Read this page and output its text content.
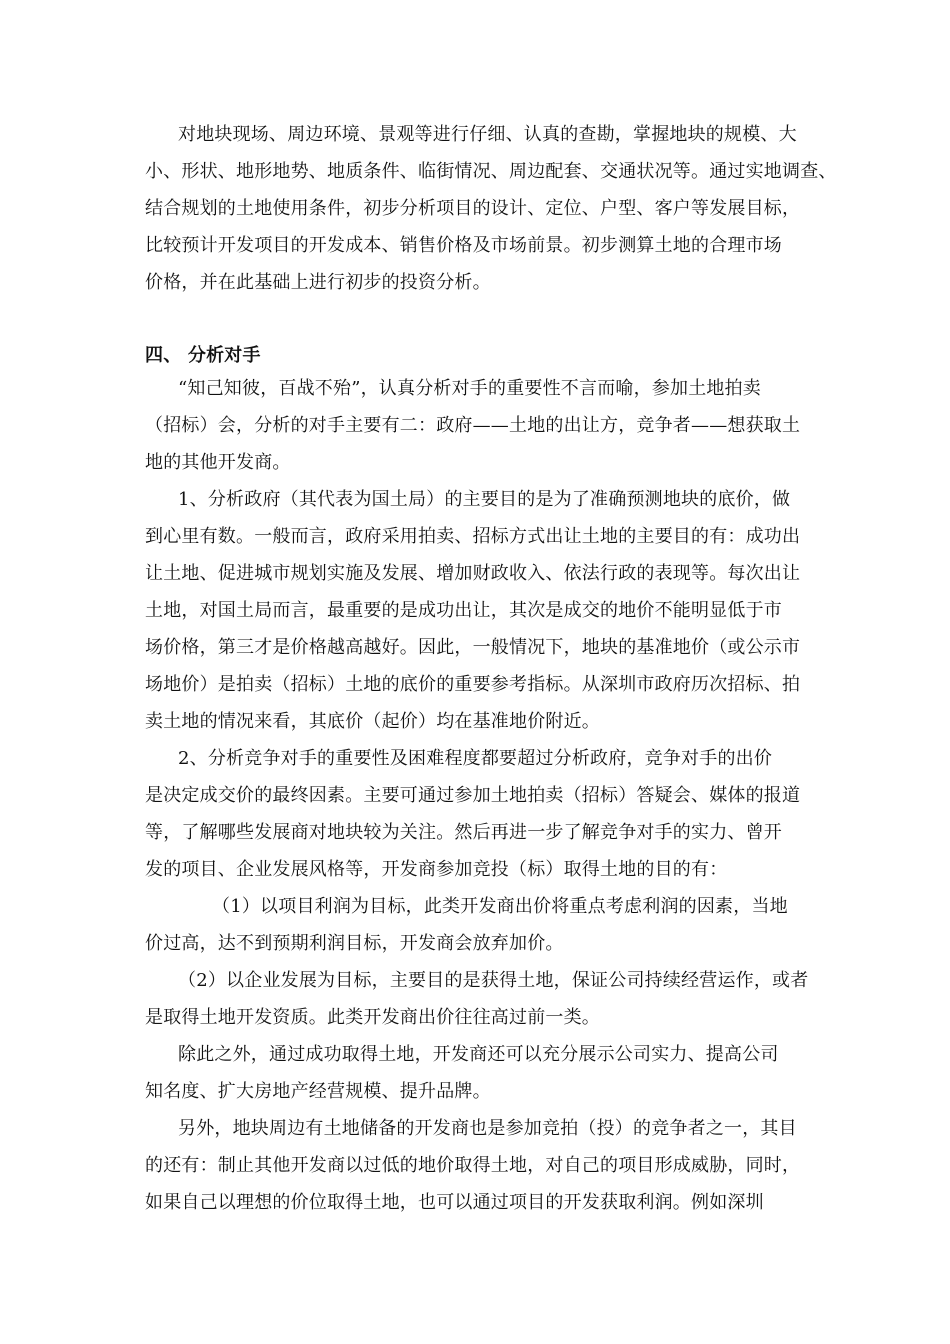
对地块现场、周边环境、景观等进行仔细、认真的查勘，掌握地块的规模、大
小、形状、地形地势、地质条件、临街情况、周边配套、交通状况等。通过实地调查、
结合规划的土地使用条件，初步分析项目的设计、定位、户型、客户等发展目标，
比较预计开发项目的开发成本、销售价格及市场前景。初步测算土地的合理市场
价格，并在此基础上进行初步的投资分析。
四、 分析对手
“知己知彼，百战不殆”，认真分析对手的重要性不言而喻，参加土地拍卖
（招标）会，分析的对手主要有二：政府——土地的出让方，竞争者——想获取土
地的其他开发商。
1、分析政府（其代表为国土局）的主要目的是为了准确预测地块的底价，做
到心里有数。一般而言，政府采用拍卖、招标方式出让土地的主要目的有：成功出
让土地、促进城市规划实施及发展、增加财政收入、依法行政的表现等。每次出让
土地，对国土局而言，最重要的是成功出让，其次是成交的地价不能明显低于市
场价格，第三才是价格越高越好。因此，一般情况下，地块的基准地价（或公示市
场地价）是拍卖（招标）土地的底价的重要参考指标。从深圳市政府历次招标、拍
卖土地的情况来看，其底价（起价）均在基准地价附近。
2、分析竞争对手的重要性及困难程度都要超过分析政府，竞争对手的出价
是决定成交价的最终因素。主要可通过参加土地拍卖（招标）答疑会、媒体的报道
等，了解哪些发展商对地块较为关注。然后再进一步了解竞争对手的实力、曾开
发的项目、企业发展风格等，开发商参加竞投（标）取得土地的目的有：
（1）以项目利润为目标，此类开发商出价将重点考虑利润的因素，当地
价过高，达不到预期利润目标，开发商会放弃加价。
（2）以企业发展为目标，主要目的是获得土地，保证公司持续经营运作，或者
是取得土地开发资质。此类开发商出价往往高过前一类。
除此之外，通过成功取得土地，开发商还可以充分展示公司实力、提高公司
知名度、扩大房地产经营规模、提升品牌。
另外，地块周边有土地储备的开发商也是参加竞拍（投）的竞争者之一，其目
的还有：制止其他开发商以过低的地价取得土地，对自己的项目形成威胁，同时，
如果自己以理想的价位取得土地，也可以通过项目的开发获取利润。例如深圳
